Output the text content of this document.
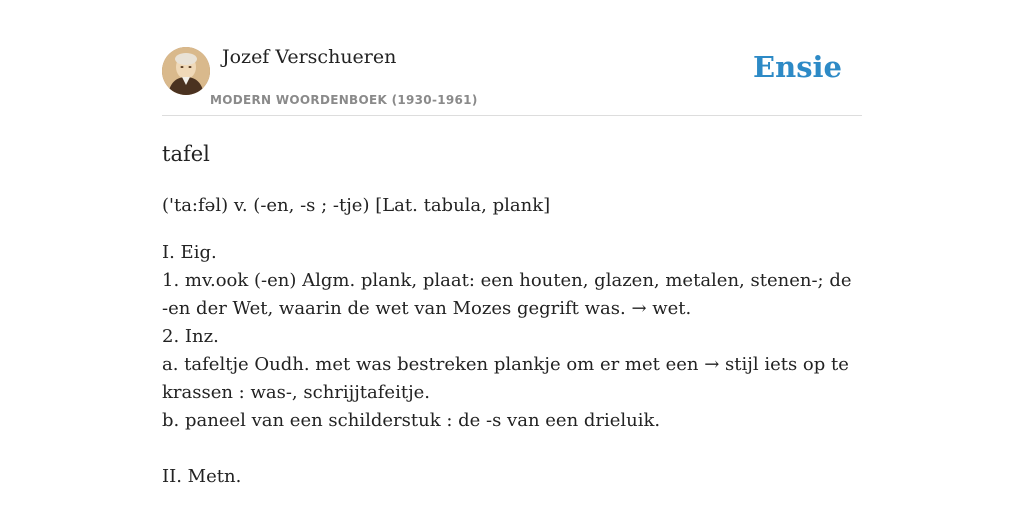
Jozef Verschueren
MODERN WOORDENBOEK (1930-1961)
Ensie
tafel
('ta:fəl) v. (-en, -s ; -tje) [Lat. tabula, plank]

I. Eig.

1. mv.ook (-en) Algm. plank, plaat: een houten, glazen, metalen, stenen-; de -en der Wet, waarin de wet van Mozes gegrift was. → wet.

2. Inz.

a. tafeltje Oudh. met was bestreken plankje om er met een → stijl iets op te krassen : was-, schrijjtafeitje.

b. paneel van een schilderstuk : de -s van een drieluik.

II. Metn.
